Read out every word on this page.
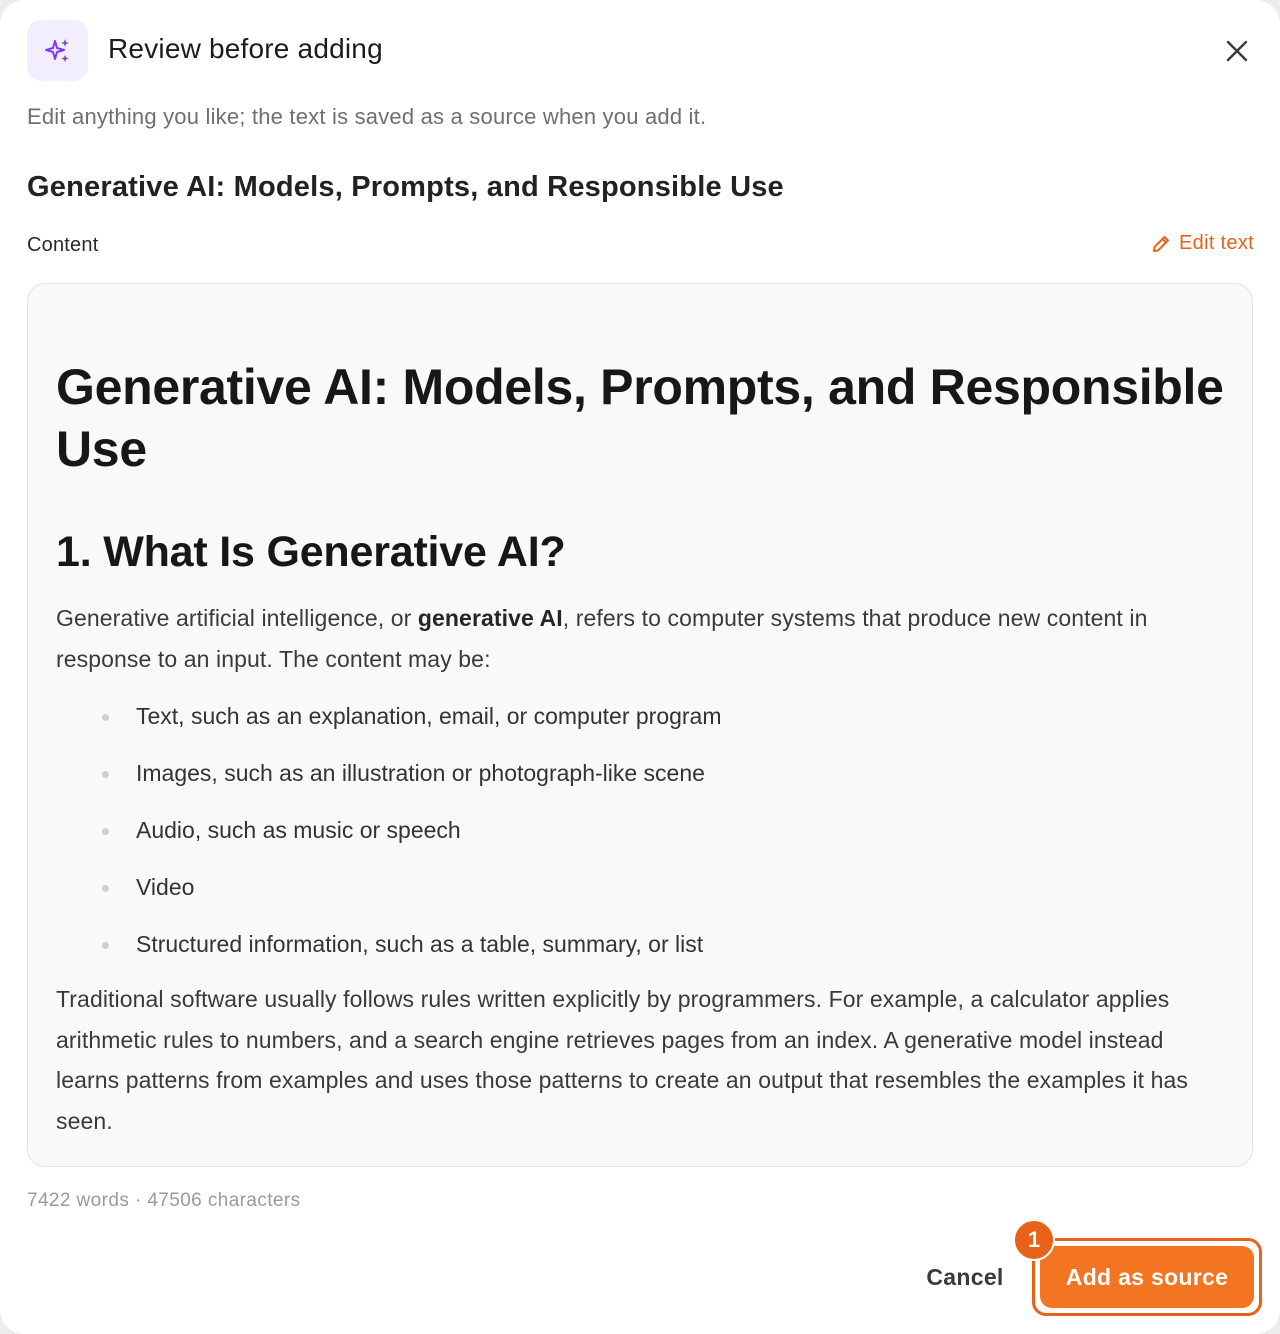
Review before adding
Edit anything you like; the text is saved as a source when you add it.
Generative AI: Models, Prompts, and Responsible Use
Content	Edit text
Generative AI: Models, Prompts, and Responsible Use
1. What Is Generative AI?

Generative artificial intelligence, or generative AI, refers to computer systems that produce new content in response to an input. The content may be:

Text, such as an explanation, email, or computer program
Images, such as an illustration or photograph-like scene
Audio, such as music or speech
Video
Structured information, such as a table, summary, or list

Traditional software usually follows rules written explicitly by programmers. For example, a calculator applies arithmetic rules to numbers, and a search engine retrieves pages from an index. A generative model instead learns patterns from examples and uses those patterns to create an output that resembles the examples it has seen.

7422 words · 47506 characters
Cancel	Add as source
1
